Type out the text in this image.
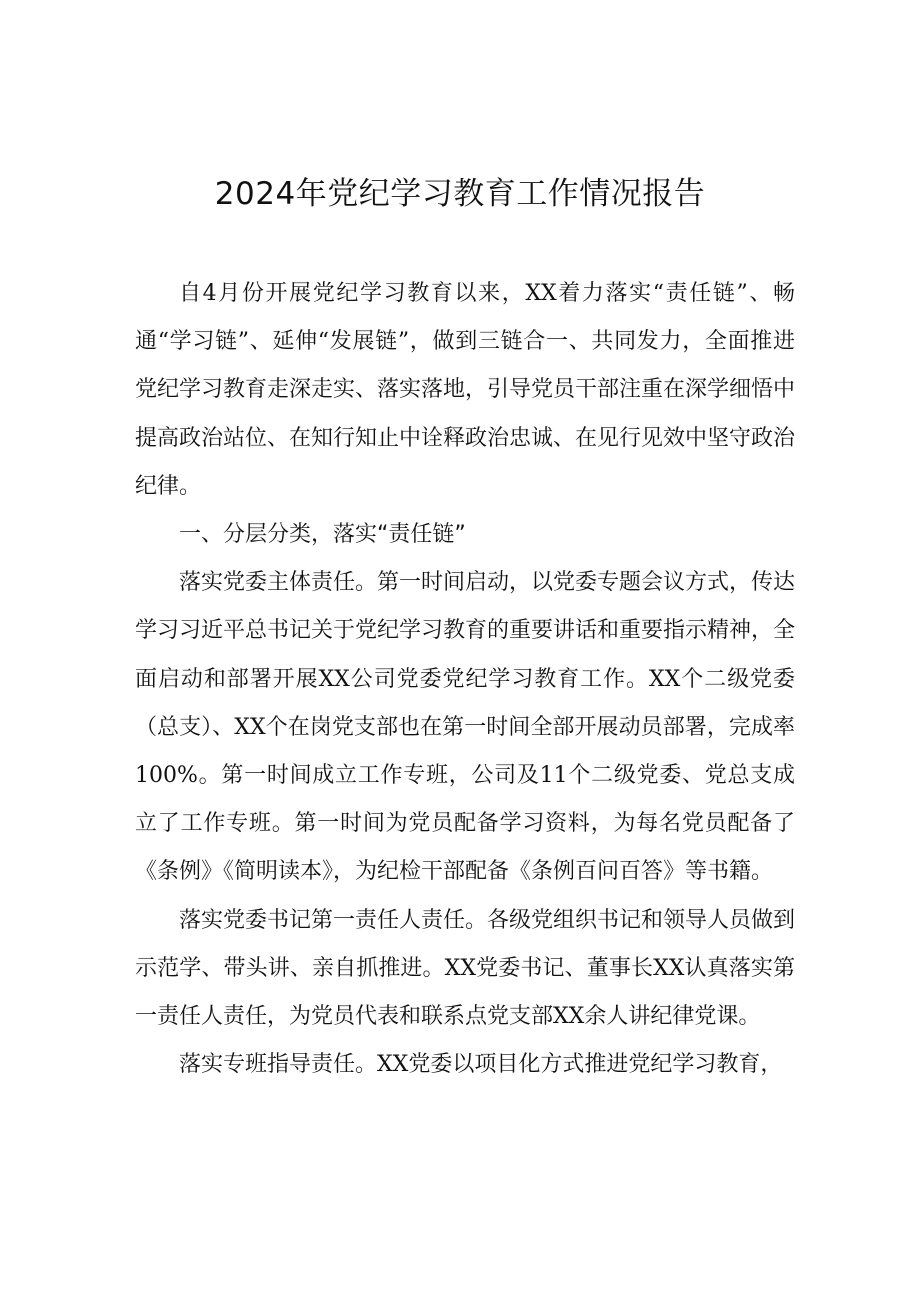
2024年党纪学习教育工作情况报告

自4月份开展党纪学习教育以来，XX着力落实“责任链”、畅通“学习链”、延伸“发展链”，做到三链合一、共同发力，全面推进党纪学习教育走深走实、落实落地，引导党员干部注重在深学细悟中提高政治站位、在知行知止中诠释政治忠诚、在见行见效中坚守政治纪律。

一、分层分类，落实“责任链”

落实党委主体责任。第一时间启动，以党委专题会议方式，传达学习习近平总书记关于党纪学习教育的重要讲话和重要指示精神，全面启动和部署开展XX公司党委党纪学习教育工作。XX个二级党委（总支）、XX个在岗党支部也在第一时间全部开展动员部署，完成率100%。第一时间成立工作专班，公司及11个二级党委、党总支成立了工作专班。第一时间为党员配备学习资料，为每名党员配备了《条例》《简明读本》，为纪检干部配备《条例百问百答》等书籍。

落实党委书记第一责任人责任。各级党组织书记和领导人员做到示范学、带头讲、亲自抓推进。XX党委书记、董事长XX认真落实第一责任人责任，为党员代表和联系点党支部XX余人讲纪律党课。

落实专班指导责任。XX党委以项目化方式推进党纪学习教育，
